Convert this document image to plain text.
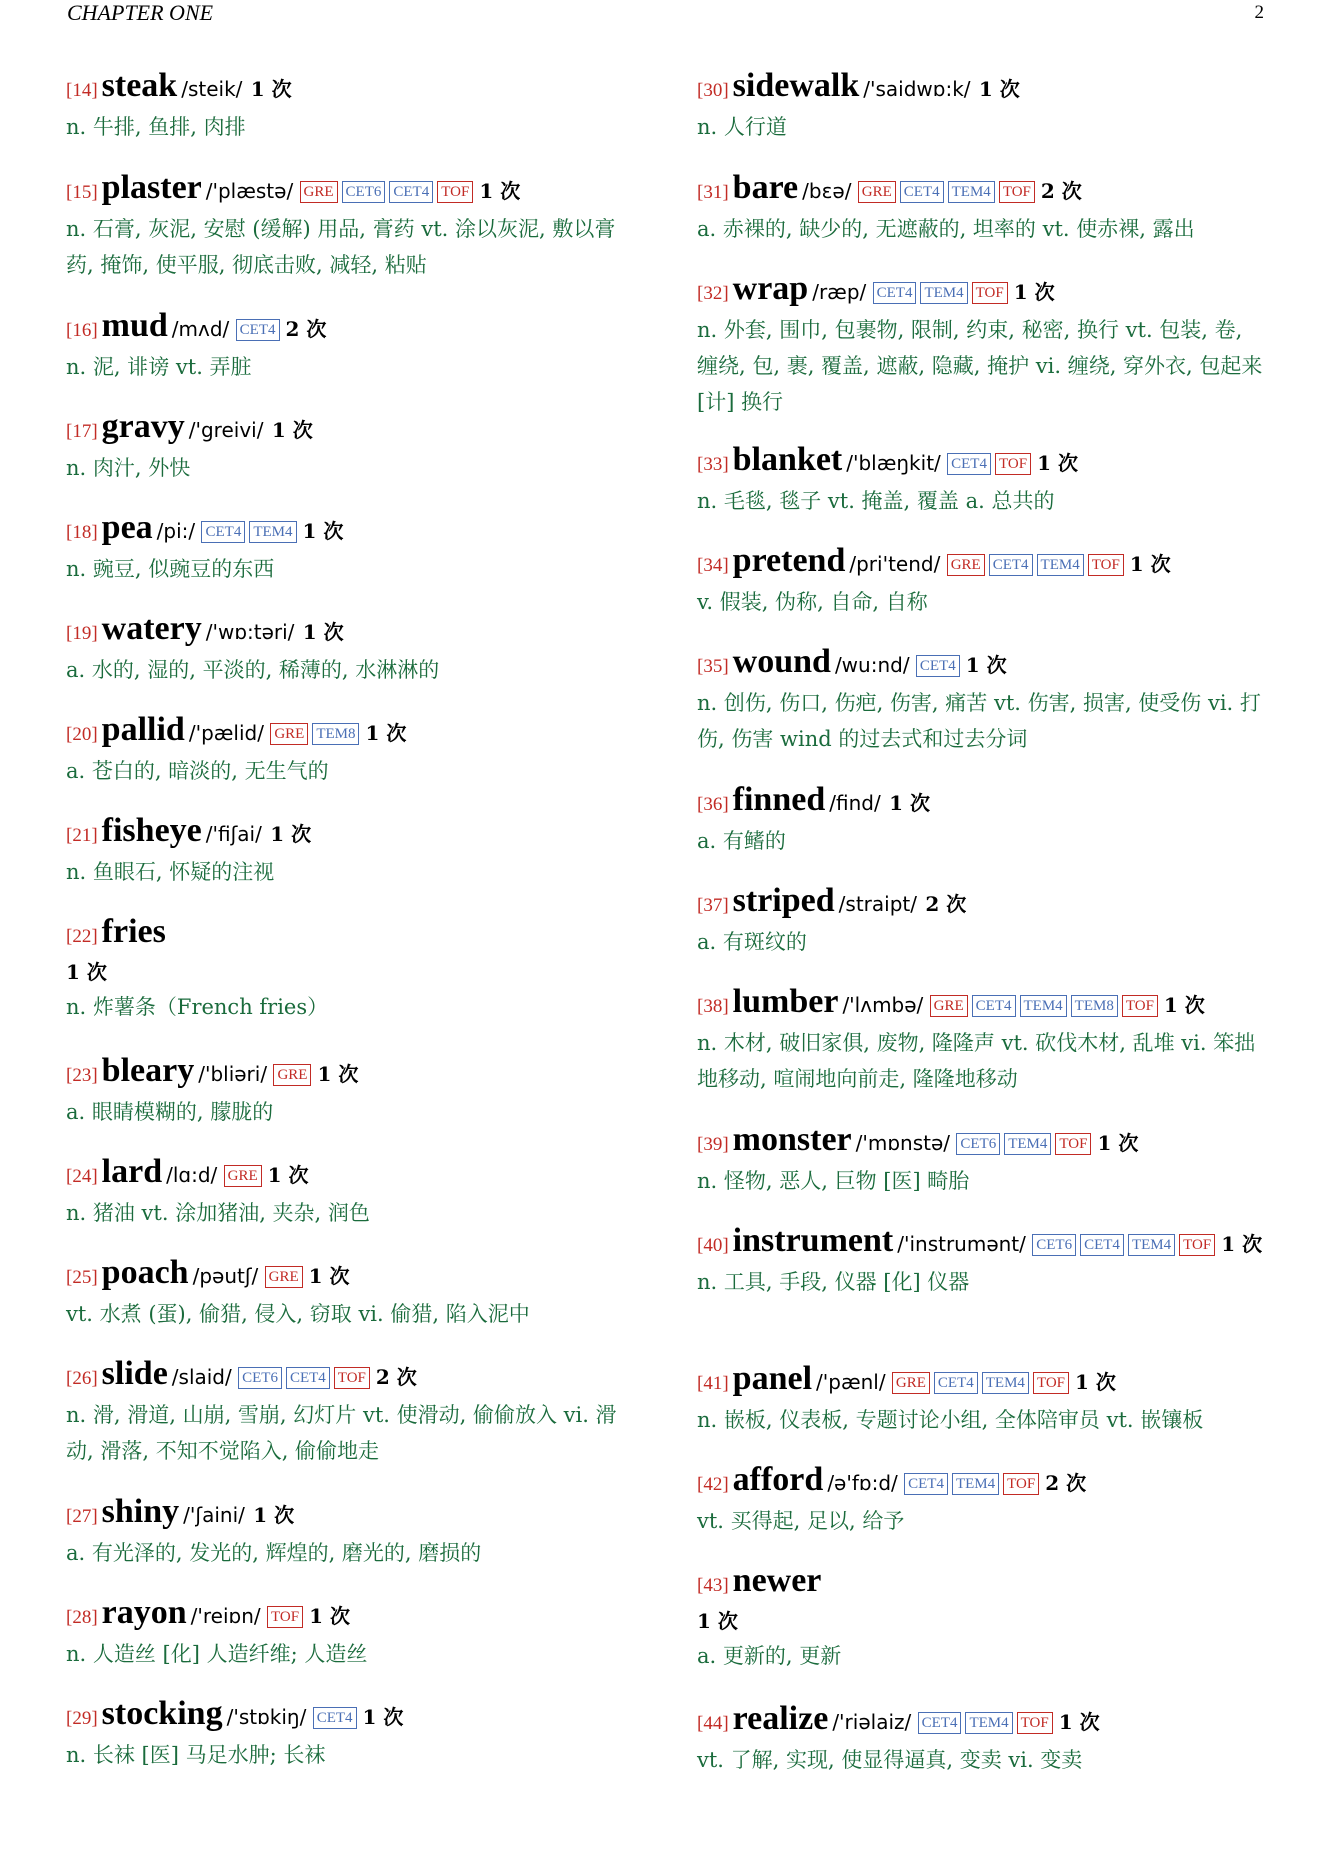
CHAPTER ONE	2
[14] steak /steik/ 1 次
n. 牛排, 鱼排, 肉排
[15] plaster /'plæstə/ GRE CET6 CET4 TOF 1 次
n. 石膏, 灰泥, 安慰 (缓解) 用品, 膏药 vt. 涂以灰泥, 敷以膏药, 掩饰, 使平服, 彻底击败, 减轻, 粘贴
[16] mud /mʌd/ CET4 2 次
n. 泥, 诽谤 vt. 弄脏
[17] gravy /'greivi/ 1 次
n. 肉汁, 外快
[18] pea /pi:/ CET4 TEM4 1 次
n. 豌豆, 似豌豆的东西
[19] watery /'wɒ:təri/ 1 次
a. 水的, 湿的, 平淡的, 稀薄的, 水淋淋的
[20] pallid /'pælid/ GRE TEM8 1 次
a. 苍白的, 暗淡的, 无生气的
[21] fisheye /'fiʃai/ 1 次
n. 鱼眼石, 怀疑的注视
[22] fries
1 次
n. 炸薯条（French fries）
[23] bleary /'bliəri/ GRE 1 次
a. 眼睛模糊的, 朦胧的
[24] lard /lɑ:d/ GRE 1 次
n. 猪油 vt. 涂加猪油, 夹杂, 润色
[25] poach /pəutʃ/ GRE 1 次
vt. 水煮 (蛋), 偷猎, 侵入, 窃取 vi. 偷猎, 陷入泥中
[26] slide /slaid/ CET6 CET4 TOF 2 次
n. 滑, 滑道, 山崩, 雪崩, 幻灯片 vt. 使滑动, 偷偷放入 vi. 滑动, 滑落, 不知不觉陷入, 偷偷地走
[27] shiny /'ʃaini/ 1 次
a. 有光泽的, 发光的, 辉煌的, 磨光的, 磨损的
[28] rayon /'reiɒn/ TOF 1 次
n. 人造丝 [化] 人造纤维; 人造丝
[29] stocking /'stɒkiŋ/ CET4 1 次
n. 长袜 [医] 马足水肿; 长袜
[30] sidewalk /'saidwɒ:k/ 1 次
n. 人行道
[31] bare /bɛə/ GRE CET4 TEM4 TOF 2 次
a. 赤裸的, 缺少的, 无遮蔽的, 坦率的 vt. 使赤裸, 露出
[32] wrap /ræp/ CET4 TEM4 TOF 1 次
n. 外套, 围巾, 包裹物, 限制, 约束, 秘密, 换行 vt. 包装, 卷, 缠绕, 包, 裹, 覆盖, 遮蔽, 隐藏, 掩护 vi. 缠绕, 穿外衣, 包起来 [计] 换行
[33] blanket /'blæŋkit/ CET4 TOF 1 次
n. 毛毯, 毯子 vt. 掩盖, 覆盖 a. 总共的
[34] pretend /pri'tend/ GRE CET4 TEM4 TOF 1 次
v. 假装, 伪称, 自命, 自称
[35] wound /wu:nd/ CET4 1 次
n. 创伤, 伤口, 伤疤, 伤害, 痛苦 vt. 伤害, 损害, 使受伤 vi. 打伤, 伤害 wind 的过去式和过去分词
[36] finned /find/ 1 次
a. 有鳍的
[37] striped /straipt/ 2 次
a. 有斑纹的
[38] lumber /'lʌmbə/ GRE CET4 TEM4 TEM8 TOF 1 次
n. 木材, 破旧家俱, 废物, 隆隆声 vt. 砍伐木材, 乱堆 vi. 笨拙地移动, 喧闹地向前走, 隆隆地移动
[39] monster /'mɒnstə/ CET6 TEM4 TOF 1 次
n. 怪物, 恶人, 巨物 [医] 畸胎
[40] instrument /'instrumənt/ CET6 CET4 TEM4 TOF 1 次
n. 工具, 手段, 仪器 [化] 仪器
[41] panel /'pænl/ GRE CET4 TEM4 TOF 1 次
n. 嵌板, 仪表板, 专题讨论小组, 全体陪审员 vt. 嵌镶板
[42] afford /ə'fɒ:d/ CET4 TEM4 TOF 2 次
vt. 买得起, 足以, 给予
[43] newer
1 次
a. 更新的, 更新
[44] realize /'riəlaiz/ CET4 TEM4 TOF 1 次
vt. 了解, 实现, 使显得逼真, 变卖 vi. 变卖
